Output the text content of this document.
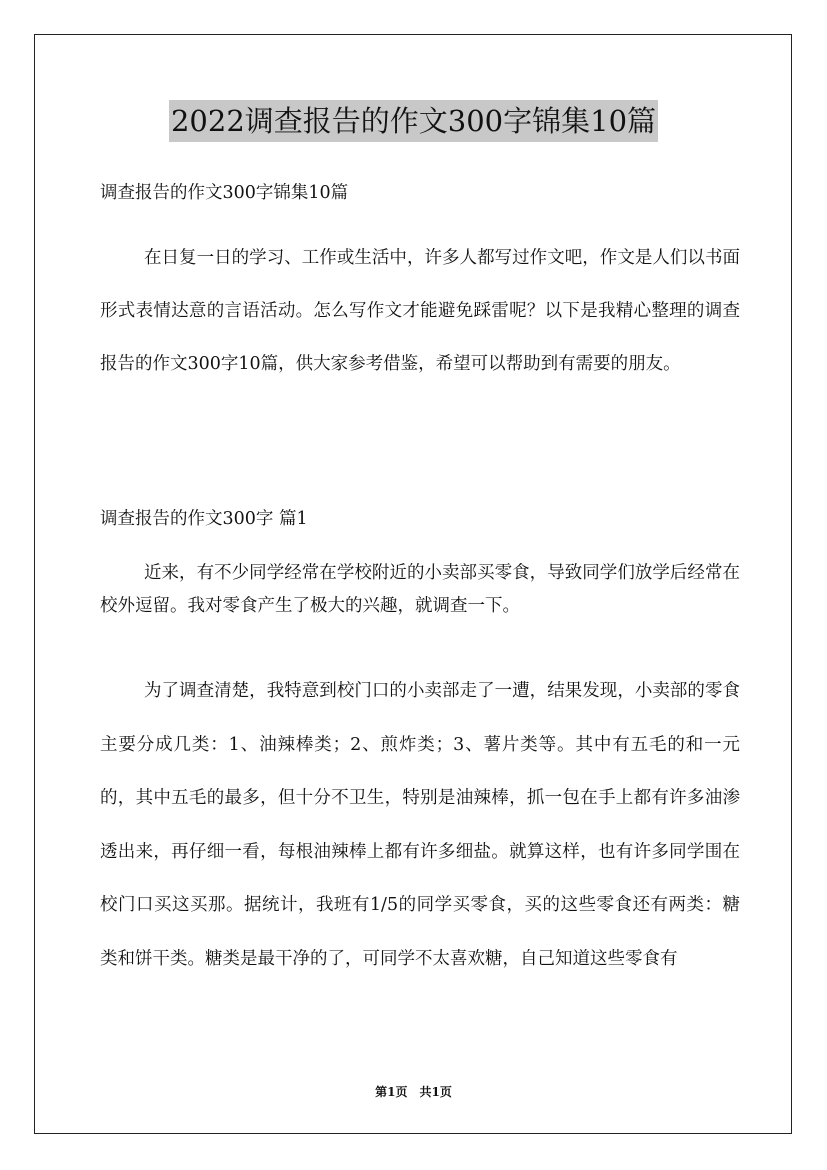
2022调查报告的作文300字锦集10篇
调查报告的作文300字锦集10篇

在日复一日的学习、工作或生活中，许多人都写过作文吧，作文是人们以书面形式表情达意的言语活动。怎么写作文才能避免踩雷呢？以下是我精心整理的调查报告的作文300字10篇，供大家参考借鉴，希望可以帮助到有需要的朋友。

调查报告的作文300字 篇1

近来，有不少同学经常在学校附近的小卖部买零食，导致同学们放学后经常在校外逗留。我对零食产生了极大的兴趣，就调查一下。

为了调查清楚，我特意到校门口的小卖部走了一遭，结果发现，小卖部的零食主要分成几类：1、油辣棒类；2、煎炸类；3、薯片类等。其中有五毛的和一元的，其中五毛的最多，但十分不卫生，特别是油辣棒，抓一包在手上都有许多油渗透出来，再仔细一看，每根油辣棒上都有许多细盐。就算这样，也有许多同学围在校门口买这买那。据统计，我班有1/5的同学买零食，买的这些零食还有两类：糖类和饼干类。糖类是最干净的了，可同学不太喜欢糖，自己知道这些零食有

第1页　共1页
